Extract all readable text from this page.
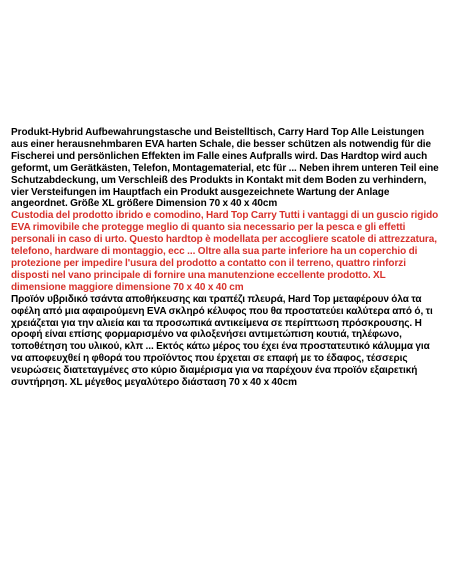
Produkt-Hybrid Aufbewahrungstasche und Beistelltisch, Carry Hard Top Alle Leistungen aus einer herausnehmbaren EVA harten Schale, die besser schützen als notwendig für die Fischerei und persönlichen Effekten im Falle eines Aufpralls wird. Das Hardtop wird auch geformt, um Gerätkästen, Telefon, Montagematerial, etc für ... Neben ihrem unteren Teil eine Schutzabdeckung, um Verschleiß des Produkts in Kontakt mit dem Boden zu verhindern, vier Versteifungen im Hauptfach ein Produkt ausgezeichnete Wartung der Anlage angeordnet. Größe XL größere Dimension 70 x 40 x 40cm

Custodia del prodotto ibrido e comodino, Hard Top Carry Tutti i vantaggi di un guscio rigido EVA rimovibile che protegge meglio di quanto sia necessario per la pesca e gli effetti personali in caso di urto. Questo hardtop è modellata per accogliere scatole di attrezzatura, telefono, hardware di montaggio, ecc ... Oltre alla sua parte inferiore ha un coperchio di protezione per impedire l'usura del prodotto a contatto con il terreno, quattro rinforzi disposti nel vano principale di fornire una manutenzione eccellente prodotto. XL dimensione maggiore dimensione 70 x 40 x 40 cm

Προϊόν υβριδικό τσάντα αποθήκευσης και τραπέζι πλευρά, Hard Top μεταφέρουν όλα τα οφέλη από μια αφαιρούμενη EVA σκληρό κέλυφος που θα προστατεύει καλύτερα από ό, τι χρειάζεται για την αλιεία και τα προσωπικά αντικείμενα σε περίπτωση πρόσκρουσης. Η οροφή είναι επίσης φορμαρισμένο να φιλοξενήσει αντιμετώπιση κουτιά, τηλέφωνο, τοποθέτηση του υλικού, κλπ ... Εκτός κάτω μέρος του έχει ένα προστατευτικό κάλυμμα για να αποφευχθεί η φθορά του προϊόντος που έρχεται σε επαφή με το έδαφος, τέσσερις νευρώσεις διατεταγμένες στο κύριο διαμέρισμα για να παρέχουν ένα προϊόν εξαιρετική συντήρηση. XL μέγεθος μεγαλύτερο διάσταση 70 x 40 x 40cm
